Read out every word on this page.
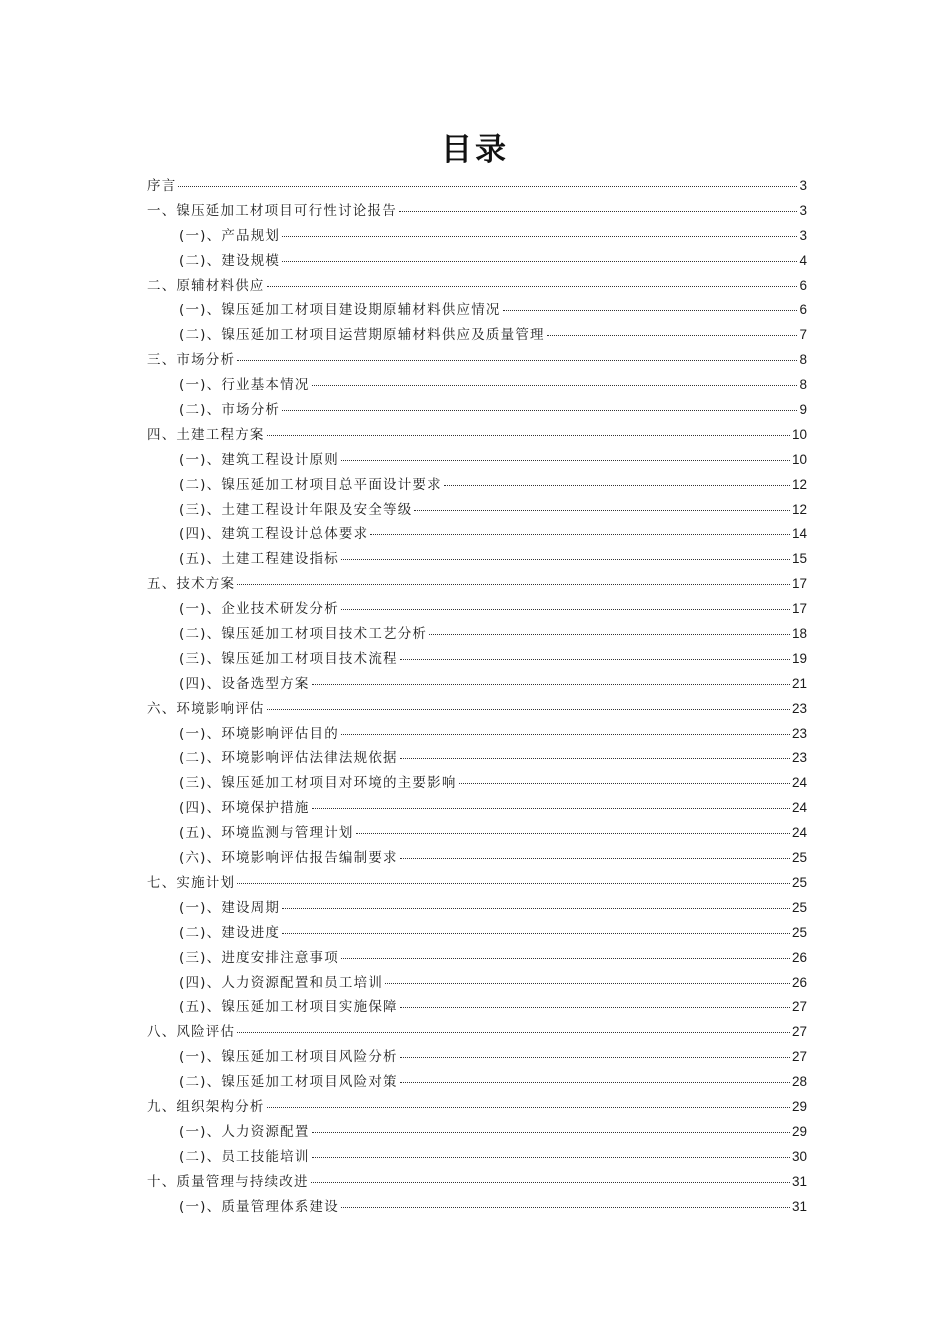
目录
序言	3
一、镍压延加工材项目可行性讨论报告	3
(一)、产品规划	3
(二)、建设规模	4
二、原辅材料供应	6
(一)、镍压延加工材项目建设期原辅材料供应情况	6
(二)、镍压延加工材项目运营期原辅材料供应及质量管理	7
三、市场分析	8
(一)、行业基本情况	8
(二)、市场分析	9
四、土建工程方案	10
(一)、建筑工程设计原则	10
(二)、镍压延加工材项目总平面设计要求	12
(三)、土建工程设计年限及安全等级	12
(四)、建筑工程设计总体要求	14
(五)、土建工程建设指标	15
五、技术方案	17
(一)、企业技术研发分析	17
(二)、镍压延加工材项目技术工艺分析	18
(三)、镍压延加工材项目技术流程	19
(四)、设备选型方案	21
六、环境影响评估	23
(一)、环境影响评估目的	23
(二)、环境影响评估法律法规依据	23
(三)、镍压延加工材项目对环境的主要影响	24
(四)、环境保护措施	24
(五)、环境监测与管理计划	24
(六)、环境影响评估报告编制要求	25
七、实施计划	25
(一)、建设周期	25
(二)、建设进度	25
(三)、进度安排注意事项	26
(四)、人力资源配置和员工培训	26
(五)、镍压延加工材项目实施保障	27
八、风险评估	27
(一)、镍压延加工材项目风险分析	27
(二)、镍压延加工材项目风险对策	28
九、组织架构分析	29
(一)、人力资源配置	29
(二)、员工技能培训	30
十、质量管理与持续改进	31
(一)、质量管理体系建设	31
